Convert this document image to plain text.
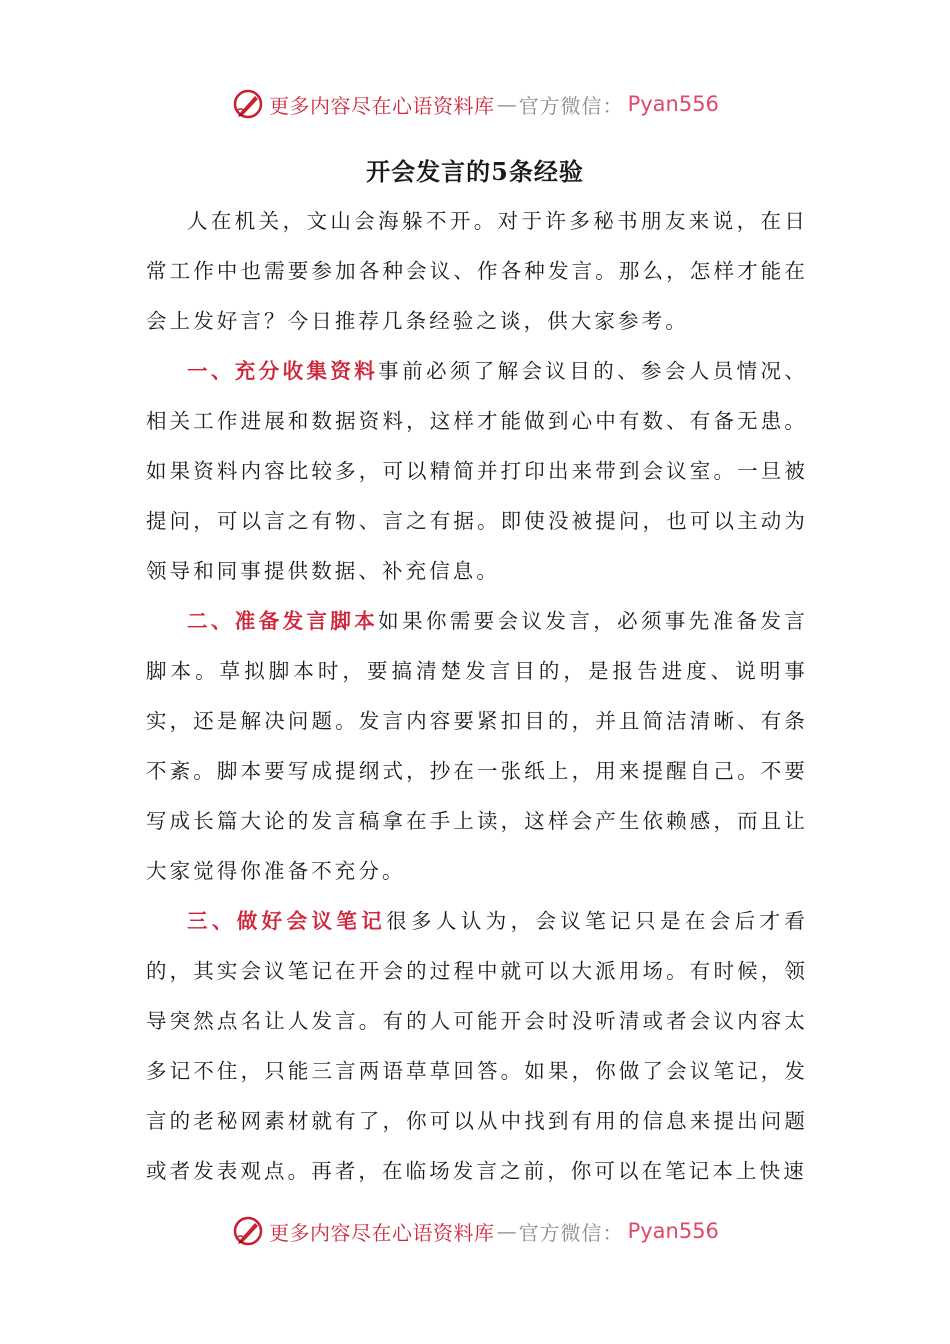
更多内容尽在心语资料库 — 官方微信： Pyan556
开会发言的5条经验

人在机关，文山会海躲不开。对于许多秘书朋友来说，在日常工作中也需要参加各种会议、作各种发言。那么，怎样才能在会上发好言？今日推荐几条经验之谈，供大家参考。

一、充分收集资料事前必须了解会议目的、参会人员情况、相关工作进展和数据资料，这样才能做到心中有数、有备无患。如果资料内容比较多，可以精简并打印出来带到会议室。一旦被提问，可以言之有物、言之有据。即使没被提问，也可以主动为领导和同事提供数据、补充信息。

二、准备发言脚本如果你需要会议发言，必须事先准备发言脚本。草拟脚本时，要搞清楚发言目的，是报告进度、说明事实，还是解决问题。发言内容要紧扣目的，并且简洁清晰、有条不紊。脚本要写成提纲式，抄在一张纸上，用来提醒自己。不要写成长篇大论的发言稿拿在手上读，这样会产生依赖感，而且让大家觉得你准备不充分。

三、做好会议笔记很多人认为，会议笔记只是在会后才看的，其实会议笔记在开会的过程中就可以大派用场。有时候，领导突然点名让人发言。有的人可能开会时没听清或者会议内容太多记不住，只能三言两语草草回答。如果，你做了会议笔记，发言的老秘网素材就有了，你可以从中找到有用的信息来提出问题或者发表观点。再者，在临场发言之前，你可以在笔记本上快速

更多内容尽在心语资料库 — 官方微信： Pyan556
